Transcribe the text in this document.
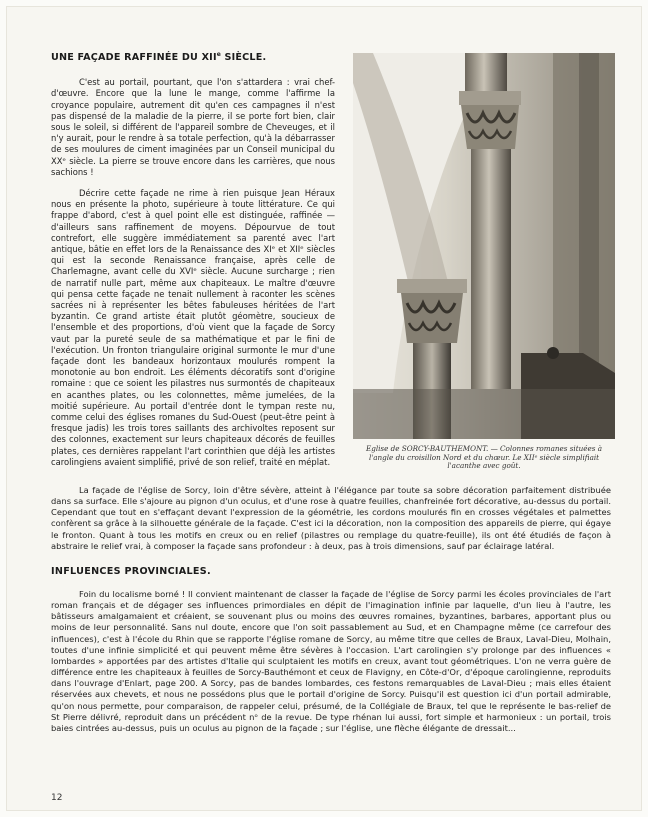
UNE FAÇADE RAFFINÉE DU XIIe SIÈCLE.

C'est au portail, pourtant, que l'on s'attardera : vrai chef-d'œuvre. Encore que la lune le mange, comme l'affirme la croyance populaire, autrement dit qu'en ces campagnes il n'est pas dispensé de la maladie de la pierre, il se porte fort bien, clair sous le soleil, si différent de l'appareil sombre de Cheveuges, et il n'y aurait, pour le rendre à sa totale perfection, qu'à la débarrasser de ses moulures de ciment imaginées par un Conseil municipal du XXᵉ siècle. La pierre se trouve encore dans les carrières, que nous sachions !

Décrire cette façade ne rime à rien puisque Jean Héraux nous en présente la photo, supérieure à toute littérature. Ce qui frappe d'abord, c'est à quel point elle est distinguée, raffinée — d'ailleurs sans raffinement de moyens. Dépourvue de tout contrefort, elle suggère immédiatement sa parenté avec l'art antique, bâtie en effet lors de la Renaissance des XIᵉ et XIIᵉ siècles qui est la seconde Renaissance française, après celle de Charlemagne, avant celle du XVIᵉ siècle. Aucune surcharge ; rien de narratif nulle part, même aux chapiteaux. Le maître d'œuvre qui pensa cette façade ne tenait nullement à raconter les scènes sacrées ni à représenter les bêtes fabuleuses héritées de l'art byzantin. Ce grand artiste était plutôt géomètre, soucieux de l'ensemble et des proportions, d'où vient que la façade de Sorcy vaut par la pureté seule de sa mathématique et par le fini de l'exécution. Un fronton triangulaire original surmonte le mur d'une façade dont les bandeaux horizontaux moulurés rompent la monotonie au bon endroit. Les éléments décoratifs sont d'origine romaine : que ce soient les pilastres nus surmontés de chapiteaux en acanthes plates, ou les colonnettes, même jumelées, de la moitié supérieure. Au portail d'entrée dont le tympan reste nu, comme celui des églises romanes du Sud-Ouest (peut-être peint à fresque jadis) les trois tores saillants des archivoltes reposent sur des colonnes, exactement sur leurs chapiteaux décorés de feuilles plates, ces dernières rappelant l'art corinthien que déjà les artistes carolingiens avaient simplifié, privé de son relief, traité en méplat.

Eglise de SORCY-BAUTHEMONT. — Colonnes romanes situées à l'angle du croisillon Nord et du chœur. Le XIIᵉ siècle simplifiait l'acanthe avec goût.

La façade de l'église de Sorcy, loin d'être sévère, atteint à l'élégance par toute sa sobre décoration parfaitement distribuée dans sa surface. Elle s'ajoure au pignon d'un oculus, et d'une rose à quatre feuilles, chanfreinée fort décorative, au-dessus du portail. Cependant que tout en s'effaçant devant l'expression de la géométrie, les cordons moulurés fin en crosses végétales et palmettes confèrent sa grâce à la silhouette générale de la façade. C'est ici la décoration, non la composition des appareils de pierre, qui égaye le fronton. Quant à tous les motifs en creux ou en relief (pilastres ou remplage du quatre-feuille), ils ont été étudiés de façon à abstraire le relief vrai, à composer la façade sans profondeur : à deux, pas à trois dimensions, sauf par éclairage latéral.

INFLUENCES PROVINCIALES.

Foin du localisme borné ! Il convient maintenant de classer la façade de l'église de Sorcy parmi les écoles provinciales de l'art roman français et de dégager ses influences primordiales en dépit de l'imagination infinie par laquelle, d'un lieu à l'autre, les bâtisseurs amalgamaient et créaient, se souvenant plus ou moins des œuvres romaines, byzantines, barbares, apportant plus ou moins de leur personnalité. Sans nul doute, encore que l'on soit passablement au Sud, et en Champagne même (ce carrefour des influences), c'est à l'école du Rhin que se rapporte l'église romane de Sorcy, au même titre que celles de Braux, Laval-Dieu, Molhain, toutes d'une infinie simplicité et qui peuvent même être sévères à l'occasion. L'art carolingien s'y prolonge par des influences « lombardes » apportées par des artistes d'Italie qui sculptaient les motifs en creux, avant tout géométriques. L'on ne verra guère de différence entre les chapiteaux à feuilles de Sorcy-Bauthémont et ceux de Flavigny, en Côte-d'Or, d'époque carolingienne, reproduits dans l'ouvrage d'Enlart, page 200. A Sorcy, pas de bandes lombardes, ces festons remarquables de Laval-Dieu ; mais elles étaient réservées aux chevets, et nous ne possédons plus que le portail d'origine de Sorcy. Puisqu'il est question ici d'un portail admirable, qu'on nous permette, pour comparaison, de rappeler celui, présumé, de la Collégiale de Braux, tel que le représente le bas-relief de St Pierre délivré, reproduit dans un précédent nᵒ de la revue. De type rhénan lui aussi, fort simple et harmonieux : un portail, trois baies cintrées au-dessus, puis un oculus au pignon de la façade ; sur l'église, une flèche élégante de dressait...

12
